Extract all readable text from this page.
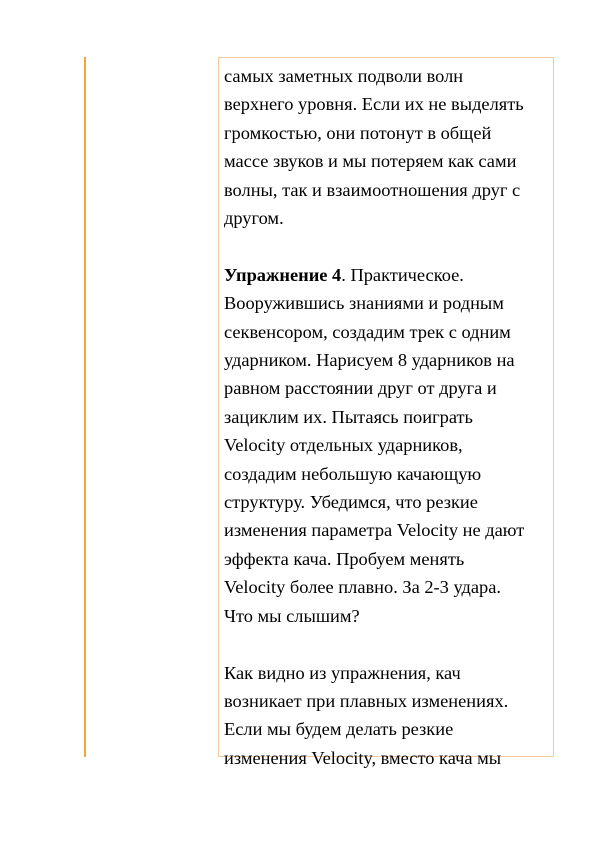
самых заметных подволи волн
верхнего уровня. Если их не выделять
громкостью, они потонут в общей
массе звуков и мы потеряем как сами
волны, так и взаимоотношения друг с
другом.

Упражнение 4. Практическое.
Вооружившись знаниями и родным
секвенсором, создадим трек с одним
ударником. Нарисуем 8 ударников на
равном расстоянии друг от друга и
зациклим их. Пытаясь поиграть
Velocity отдельных ударников,
создадим небольшую качающую
структуру. Убедимся, что резкие
изменения параметра Velocity не дают
эффекта кача. Пробуем менять
Velocity более плавно. За 2-3 удара.
Что мы слышим?

Как видно из упражнения, кач
возникает при плавных изменениях.
Если мы будем делать резкие
изменения Velocity, вместо кача мы
